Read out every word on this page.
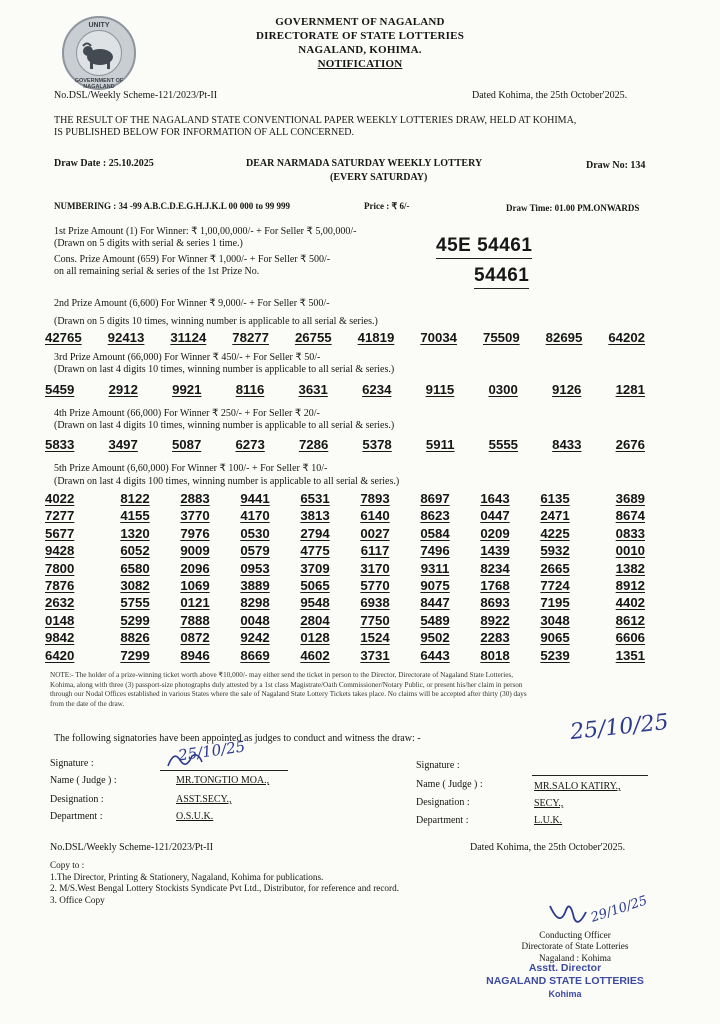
UNITY
GOVERNMENT OF NAGALAND
GOVERNMENT OF NAGALAND
DIRECTORATE OF STATE LOTTERIES
NAGALAND, KOHIMA.
NOTIFICATION
No.DSL/Weekly Scheme-121/2023/Pt-II	Dated Kohima, the 25th October'2025.
THE RESULT OF THE NAGALAND STATE CONVENTIONAL PAPER WEEKLY LOTTERIES DRAW, HELD AT KOHIMA,
IS PUBLISHED BELOW FOR INFORMATION OF ALL CONCERNED.
Draw Date : 25.10.2025	DEAR NARMADA SATURDAY WEEKLY LOTTERY
(EVERY SATURDAY)
Draw No: 134
NUMBERING : 34 -99 A.B.C.D.E.G.H.J.K.L 00 000 to 99 999	Price : ₹ 6/-	Draw Time: 01.00 PM.ONWARDS
1st Prize Amount (1) For Winner: ₹ 1,00,00,000/- + For Seller ₹ 5,00,000/-
(Drawn on 5 digits with serial & series 1 time.)	45E 54461
Cons. Prize Amount (659) For Winner ₹ 1,000/- + For Seller ₹ 500/-
on all remaining serial & series of the 1st Prize No.	54461
2nd Prize Amount (6,600) For Winner ₹ 9,000/- + For Seller ₹ 500/-
(Drawn on 5 digits 10 times, winning number is applicable to all serial & series.)
42765 92413 31124 78277 26755 41819 70034 75509 82695 64202
3rd Prize Amount (66,000) For Winner ₹ 450/- + For Seller ₹ 50/-
(Drawn on last 4 digits 10 times, winning number is applicable to all serial & series.)
5459	2912	9921	8116	3631	6234	9115	0300	9126	1281
4th Prize Amount (66,000) For Winner ₹ 250/- + For Seller ₹ 20/-
(Drawn on last 4 digits 10 times, winning number is applicable to all serial & series.)
5833	3497	5087	6273	7286	5378	5911	5555	8433	2676
5th Prize Amount (6,60,000) For Winner ₹ 100/- + For Seller ₹ 10/-
(Drawn on last 4 digits 100 times, winning number is applicable to all serial & series.)
4022	8122	2883	9441	6531	7893	8697	1643	6135	3689
7277	4155	3770	4170	3813	6140	8623	0447	2471	8674
5677	1320	7976	0530	2794	0027	0584	0209	4225	0833
9428	6052	9009	0579	4775	6117	7496	1439	5932	0010
7800	6580	2096	0953	3709	3170	9311	8234	2665	1382
7876	3082	1069	3889	5065	5770	9075	1768	7724	8912
2632	5755	0121	8298	9548	6938	8447	8693	7195	4402
0148	5299	7888	0048	2804	7750	5489	8922	3048	8612
9842	8826	0872	9242	0128	1524	9502	2283	9065	6606
6420	7299	8946	8669	4602	3731	6443	8018	5239	1351
NOTE:- The holder of a prize-winning ticket worth above ₹10,000/- may either send the ticket in person to the Director, Directorate of Nagaland State Lotteries,
Kohima, along with three (3) passport-size photographs duly attested by a 1st class Magistrate/Oath Commissioner/Notary Public, or present his/her claim in person
through our Nodal Offices established in various States where the sale of Nagaland State Lottery Tickets takes place. No claims will be accepted after thirty (30) days
from the date of the draw.
The following signatories have been appointed as judges to conduct and witness the draw: -	25/10/25
Signature :	25/10/25
Name ( Judge ) :	MR.TONGTIO MOA.,
Designation :	ASST.SECY.,
Department :	O.S.U.K.
Signature :
Name ( Judge ) :	MR.SALO KATIRY.,
Designation :	SECY.,
Department :	L.U.K.
No.DSL/Weekly Scheme-121/2023/Pt-II	Dated Kohima, the 25th October'2025.
Copy to :
1.The Director, Printing & Stationery, Nagaland, Kohima for publications.
2. M/S.West Bengal Lottery Stockists Syndicate Pvt Ltd., Distributor, for reference and record.
3. Office Copy	29/10/25
Conducting Officer
Directorate of State Lotteries
Nagaland : Kohima
Asstt. Director
NAGALAND STATE LOTTERIES
Kohima
